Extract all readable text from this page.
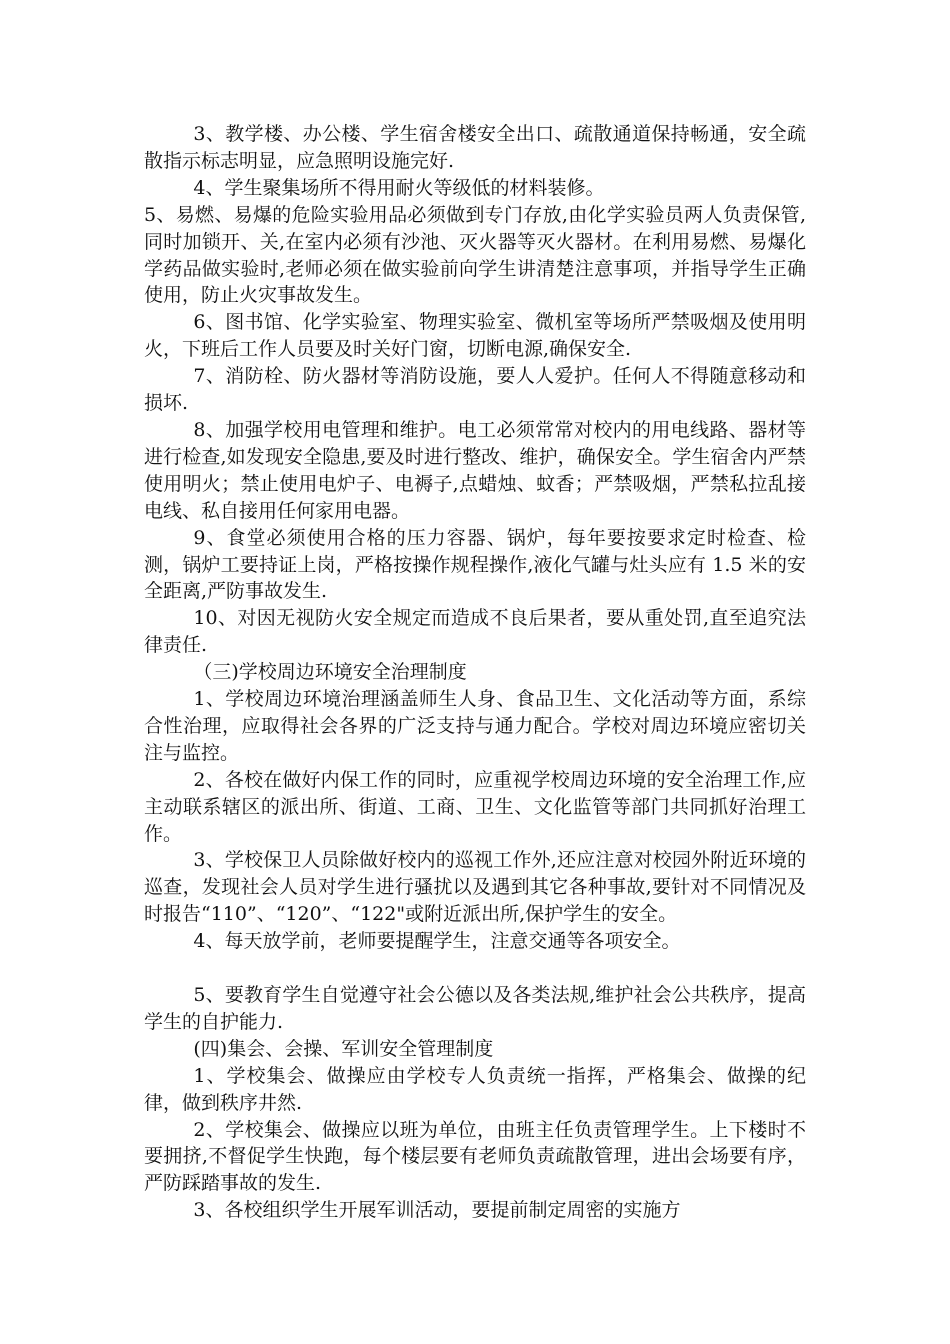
3、教学楼、办公楼、学生宿舍楼安全出口、疏散通道保持畅通，安全疏散指示标志明显，应急照明设施完好.

4、学生聚集场所不得用耐火等级低的材料装修。

5、易燃、易爆的危险实验用品必须做到专门存放,由化学实验员两人负责保管,同时加锁开、关,在室内必须有沙池、灭火器等灭火器材。在利用易燃、易爆化学药品做实验时,老师必须在做实验前向学生讲清楚注意事项，并指导学生正确使用，防止火灾事故发生。

6、图书馆、化学实验室、物理实验室、微机室等场所严禁吸烟及使用明火，下班后工作人员要及时关好门窗，切断电源,确保安全.

7、消防栓、防火器材等消防设施，要人人爱护。任何人不得随意移动和损坏.

8、加强学校用电管理和维护。电工必须常常对校内的用电线路、器材等进行检查,如发现安全隐患,要及时进行整改、维护，确保安全。学生宿舍内严禁使用明火；禁止使用电炉子、电褥子,点蜡烛、蚊香；严禁吸烟，严禁私拉乱接电线、私自接用任何家用电器。

9、食堂必须使用合格的压力容器、锅炉，每年要按要求定时检查、检测，锅炉工要持证上岗，严格按操作规程操作,液化气罐与灶头应有 1.5 米的安全距离,严防事故发生.

10、对因无视防火安全规定而造成不良后果者，要从重处罚,直至追究法律责任.

（三)学校周边环境安全治理制度

1、学校周边环境治理涵盖师生人身、食品卫生、文化活动等方面，系综合性治理，应取得社会各界的广泛支持与通力配合。学校对周边环境应密切关注与监控。

2、各校在做好内保工作的同时，应重视学校周边环境的安全治理工作,应主动联系辖区的派出所、街道、工商、卫生、文化监管等部门共同抓好治理工作。

3、学校保卫人员除做好校内的巡视工作外,还应注意对校园外附近环境的巡查，发现社会人员对学生进行骚扰以及遇到其它各种事故,要针对不同情况及时报告“110”、“120”、“122"或附近派出所,保护学生的安全。

4、每天放学前，老师要提醒学生，注意交通等各项安全。

5、要教育学生自觉遵守社会公德以及各类法规,维护社会公共秩序，提高学生的自护能力.

(四)集会、会操、军训安全管理制度

1、学校集会、做操应由学校专人负责统一指挥，严格集会、做操的纪律，做到秩序井然.

2、学校集会、做操应以班为单位，由班主任负责管理学生。上下楼时不要拥挤,不督促学生快跑，每个楼层要有老师负责疏散管理，进出会场要有序，严防踩踏事故的发生.

3、各校组织学生开展军训活动，要提前制定周密的实施方
